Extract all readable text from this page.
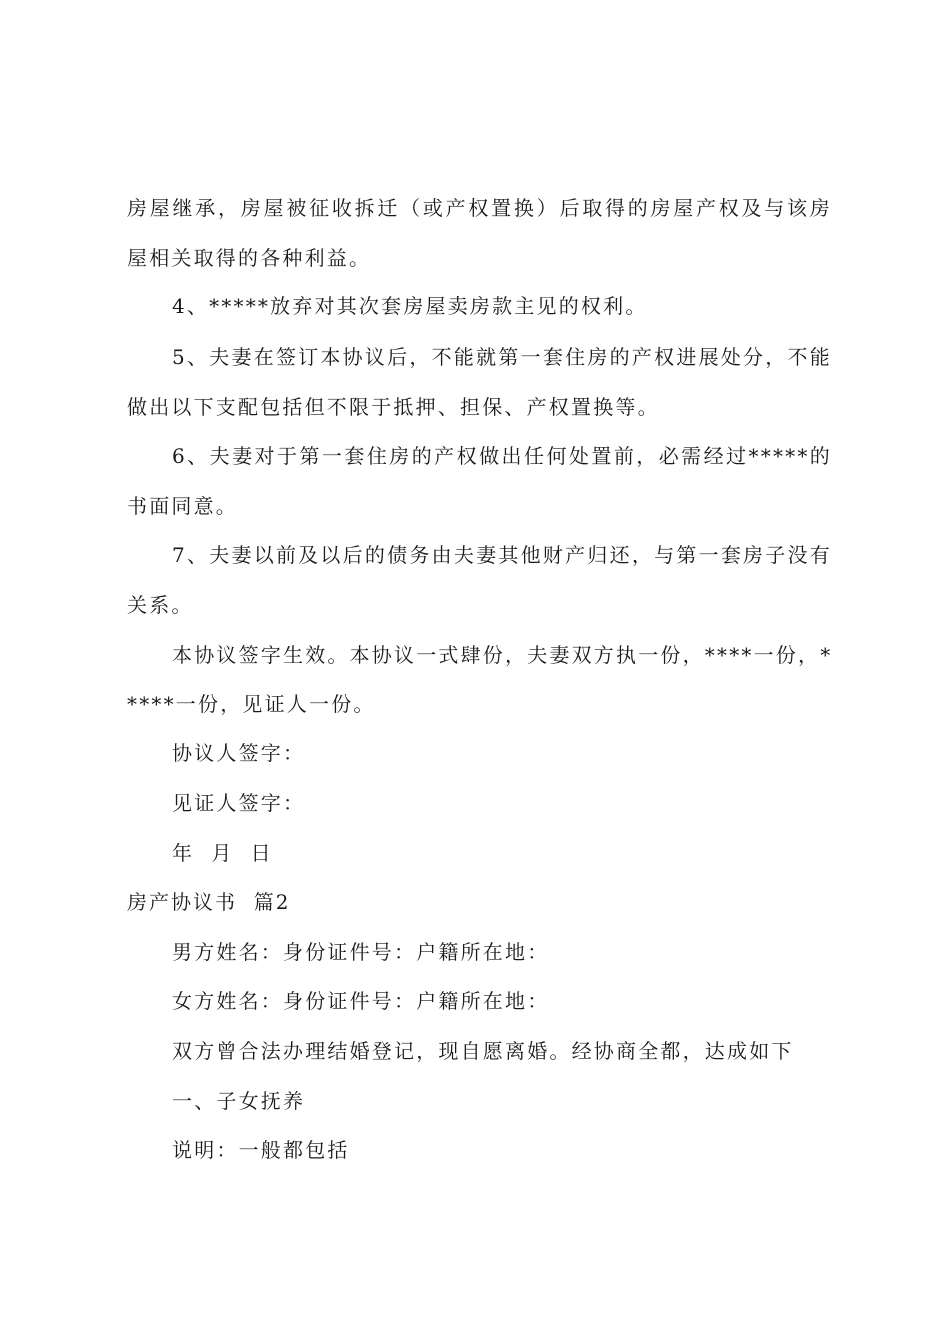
房屋继承，房屋被征收拆迁（或产权置换）后取得的房屋产权及与该房
屋相关取得的各种利益。
4、*****放弃对其次套房屋卖房款主见的权利。
5、夫妻在签订本协议后，不能就第一套住房的产权进展处分，不能
做出以下支配包括但不限于抵押、担保、产权置换等。
6、夫妻对于第一套住房的产权做出任何处置前，必需经过*****的
书面同意。
7、夫妻以前及以后的债务由夫妻其他财产归还，与第一套房子没有
关系。
本协议签字生效。本协议一式肆份，夫妻双方执一份，****一份，*
****一份，见证人一份。
协议人签字：
见证人签字：
年  月  日
房产协议书  篇2
男方姓名：身份证件号：户籍所在地：
女方姓名：身份证件号：户籍所在地：
双方曾合法办理结婚登记，现自愿离婚。经协商全都，达成如下
一、子女抚养
说明：一般都包括
